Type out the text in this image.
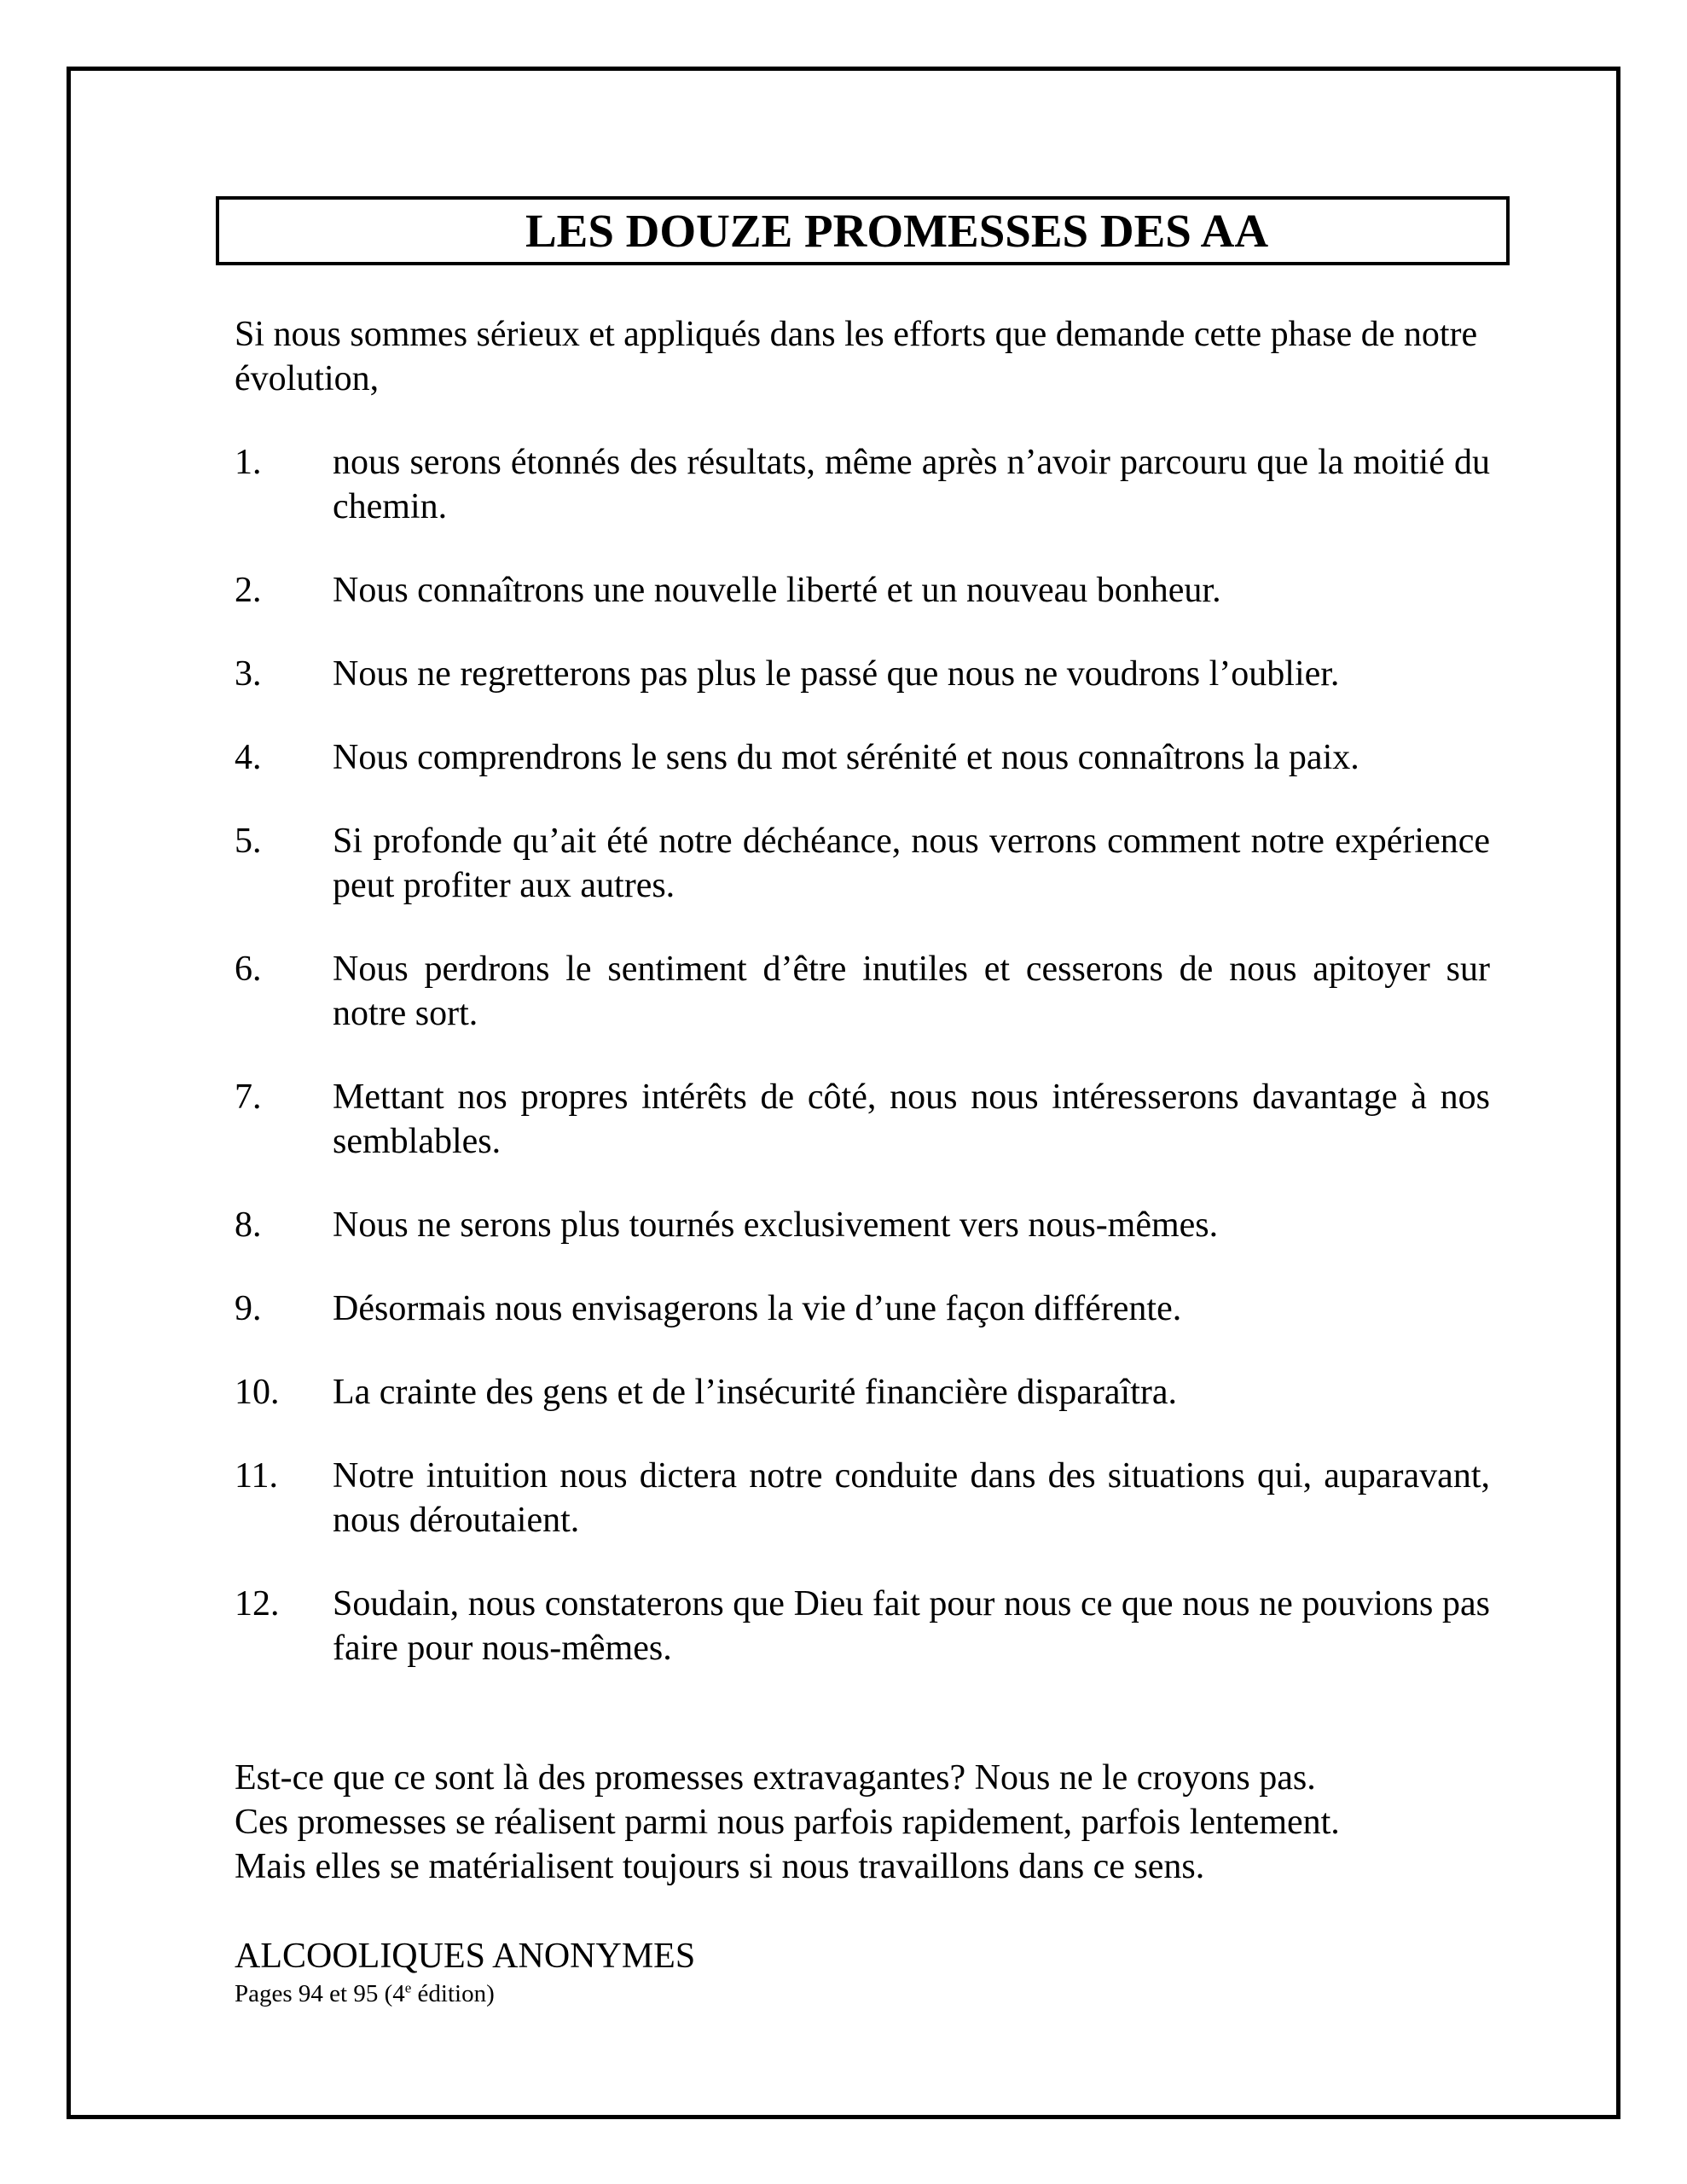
LES DOUZE PROMESSES DES AA

Si nous sommes sérieux et appliqués dans les efforts que demande cette phase de notre évolution,

1.	nous serons étonnés des résultats, même après n’avoir parcouru que la moitié du chemin.
2.	Nous connaîtrons une nouvelle liberté et un nouveau bonheur.
3.	Nous ne regretterons pas plus le passé que nous ne voudrons l’oublier.
4.	Nous comprendrons le sens du mot sérénité et nous connaîtrons la paix.
5.	Si profonde qu’ait été notre déchéance, nous verrons comment notre expérience peut profiter aux autres.
6.	Nous perdrons le sentiment d’être inutiles et cesserons de nous apitoyer sur notre sort.
7.	Mettant nos propres intérêts de côté, nous nous intéresserons davantage à nos semblables.
8.	Nous ne serons plus tournés exclusivement vers nous-mêmes.
9.	Désormais nous envisagerons la vie d’une façon différente.
10.	La crainte des gens et de l’insécurité financière disparaîtra.
11.	Notre intuition nous dictera notre conduite dans des situations qui, auparavant, nous déroutaient.
12.	Soudain, nous constaterons que Dieu fait pour nous ce que nous ne pouvions pas faire pour nous-mêmes.
Est-ce que ce sont là des promesses extravagantes? Nous ne le croyons pas.
Ces promesses se réalisent parmi nous parfois rapidement, parfois lentement.
Mais elles se matérialisent toujours si nous travaillons dans ce sens.
ALCOOLIQUES ANONYMES
Pages 94 et 95 (4e édition)
